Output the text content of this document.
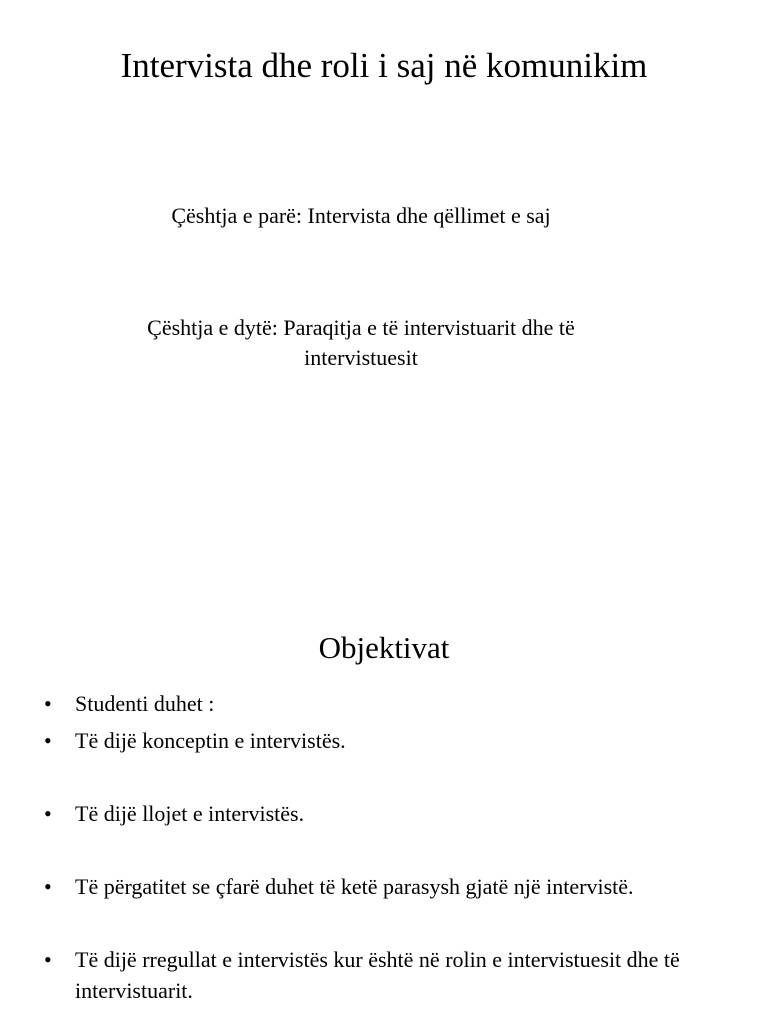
Intervista dhe roli i saj në komunikim

Çështja e parë: Intervista dhe qëllimet e saj

Çështja e dytë: Paraqitja e të intervistuarit dhe të
intervistuesit

Objektivat
• Studenti duhet :
• Të dijë konceptin e intervistës.
• Të dijë llojet e intervistës.
• Të përgatitet se çfarë duhet të ketë parasysh gjatë një intervistë.
• Të dijë rregullat e intervistës kur është në rolin e intervistuesit dhe të intervistuarit.
